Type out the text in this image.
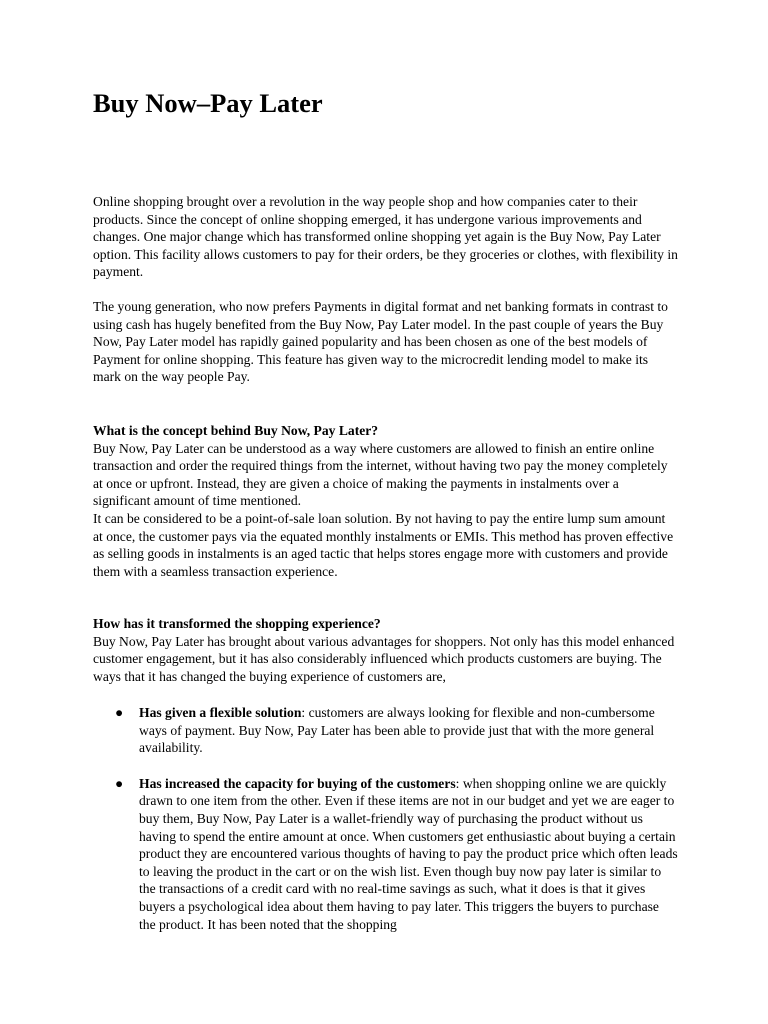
Buy Now–Pay Later

Online shopping brought over a revolution in the way people shop and how companies cater to their products. Since the concept of online shopping emerged, it has undergone various improvements and changes. One major change which has transformed online shopping yet again is the Buy Now, Pay Later option. This facility allows customers to pay for their orders, be they groceries or clothes, with flexibility in payment.

The young generation, who now prefers Payments in digital format and net banking formats in contrast to using cash has hugely benefited from the Buy Now, Pay Later model. In the past couple of years the Buy Now, Pay Later model has rapidly gained popularity and has been chosen as one of the best models of Payment for online shopping. This feature has given way to the microcredit lending model to make its mark on the way people Pay.

What is the concept behind Buy Now, Pay Later?

Buy Now, Pay Later can be understood as a way where customers are allowed to finish an entire online transaction and order the required things from the internet, without having two pay the money completely at once or upfront. Instead, they are given a choice of making the payments in instalments over a significant amount of time mentioned.

It can be considered to be a point-of-sale loan solution. By not having to pay the entire lump sum amount at once, the customer pays via the equated monthly instalments or EMIs. This method has proven effective as selling goods in instalments is an aged tactic that helps stores engage more with customers and provide them with a seamless transaction experience.

How has it transformed the shopping experience?

Buy Now, Pay Later has brought about various advantages for shoppers. Not only has this model enhanced customer engagement, but it has also considerably influenced which products customers are buying. The ways that it has changed the buying experience of customers are,

● Has given a flexible solution: customers are always looking for flexible and non-cumbersome ways of payment. Buy Now, Pay Later has been able to provide just that with the more general availability.
● Has increased the capacity for buying of the customers: when shopping online we are quickly drawn to one item from the other. Even if these items are not in our budget and yet we are eager to buy them, Buy Now, Pay Later is a wallet-friendly way of purchasing the product without us having to spend the entire amount at once. When customers get enthusiastic about buying a certain product they are encountered various thoughts of having to pay the product price which often leads to leaving the product in the cart or on the wish list. Even though buy now pay later is similar to the transactions of a credit card with no real-time savings as such, what it does is that it gives buyers a psychological idea about them having to pay later. This triggers the buyers to purchase the product. It has been noted that the shopping
